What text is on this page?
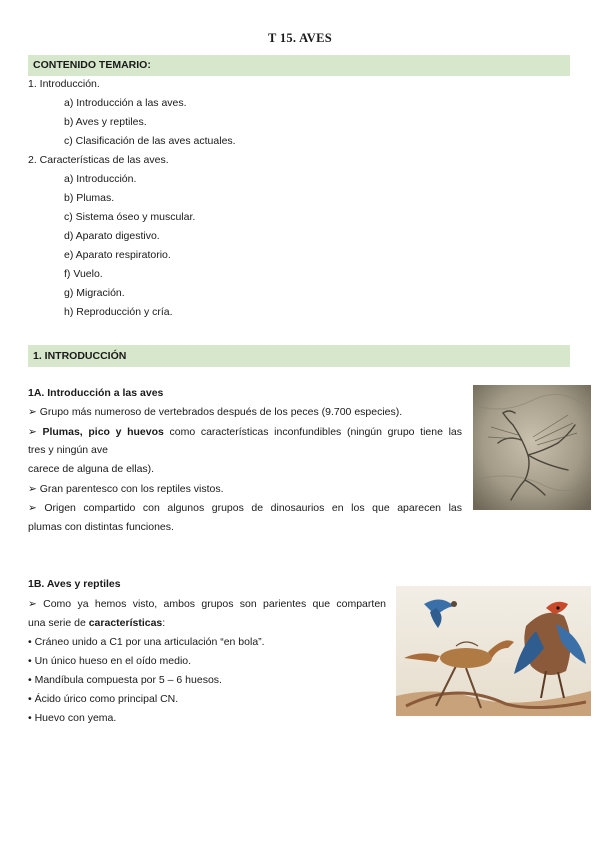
T 15. AVES
CONTENIDO TEMARIO:
1. Introducción.
a) Introducción a las aves.
b) Aves y reptiles.
c) Clasificación de las aves actuales.
2. Características de las aves.
a) Introducción.
b) Plumas.
c) Sistema óseo y muscular.
d) Aparato digestivo.
e) Aparato respiratorio.
f) Vuelo.
g) Migración.
h) Reproducción y cría.
1. INTRODUCCIÓN
1A. Introducción a las aves
➢ Grupo más numeroso de vertebrados después de los peces (9.700 especies).
➢ Plumas, pico y huevos como características inconfundibles (ningún grupo tiene las
tres y ningún ave
carece de alguna de ellas).
➢ Gran parentesco con los reptiles vistos.
➢ Origen compartido con algunos grupos de dinosaurios en los que aparecen las
plumas con distintas funciones.
1B. Aves y reptiles
➢ Como ya hemos visto, ambos grupos son parientes que comparten
una serie de características:
• Cráneo unido a C1 por una articulación “en bola”.
• Un único hueso en el oído medio.
• Mandíbula compuesta por 5 – 6 huesos.
• Ácido úrico como principal CN.
• Huevo con yema.
